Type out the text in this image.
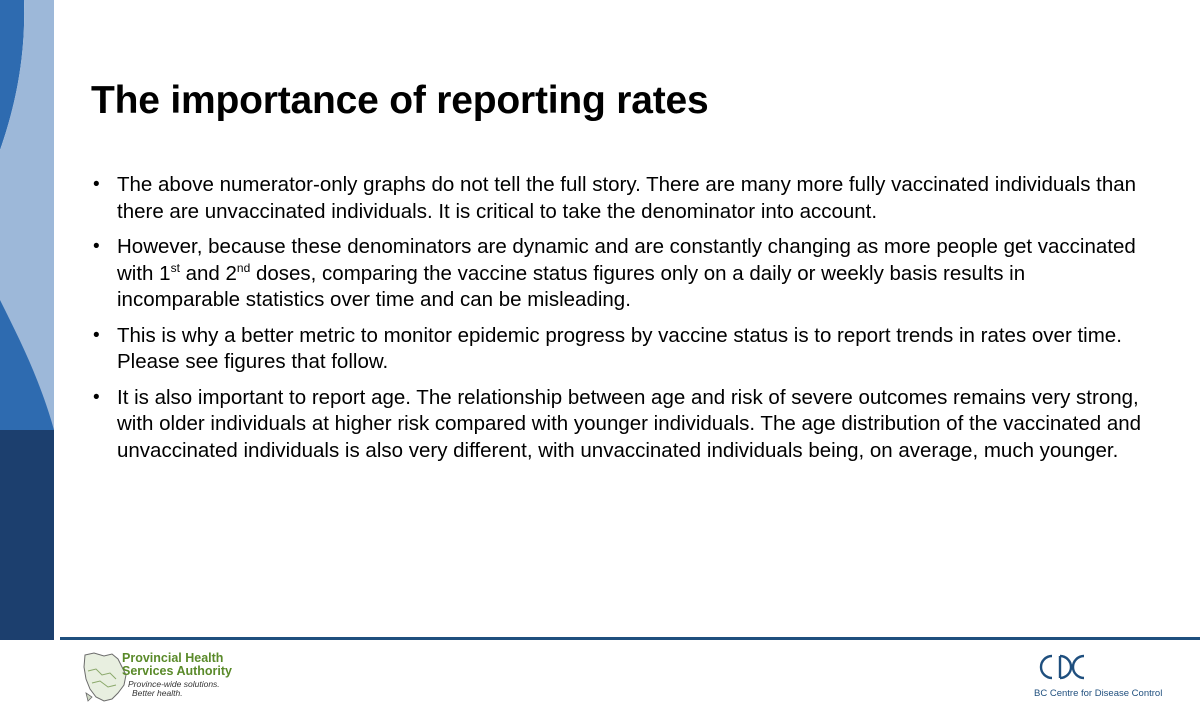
The importance of reporting rates
• The above numerator-only graphs do not tell the full story. There are many more fully vaccinated individuals than there are unvaccinated individuals. It is critical to take the denominator into account.
• However, because these denominators are dynamic and are constantly changing as more people get vaccinated with 1st and 2nd doses, comparing the vaccine status figures only on a daily or weekly basis results in incomparable statistics over time and can be misleading.
• This is why a better metric to monitor epidemic progress by vaccine status is to report trends in rates over time. Please see figures that follow.
• It is also important to report age. The relationship between age and risk of severe outcomes remains very strong, with older individuals at higher risk compared with younger individuals. The age distribution of the vaccinated and unvaccinated individuals is also very different, with unvaccinated individuals being, on average, much younger.
Provincial Health
Services Authority
Province-wide solutions.
Better health.	BC Centre for Disease Control
